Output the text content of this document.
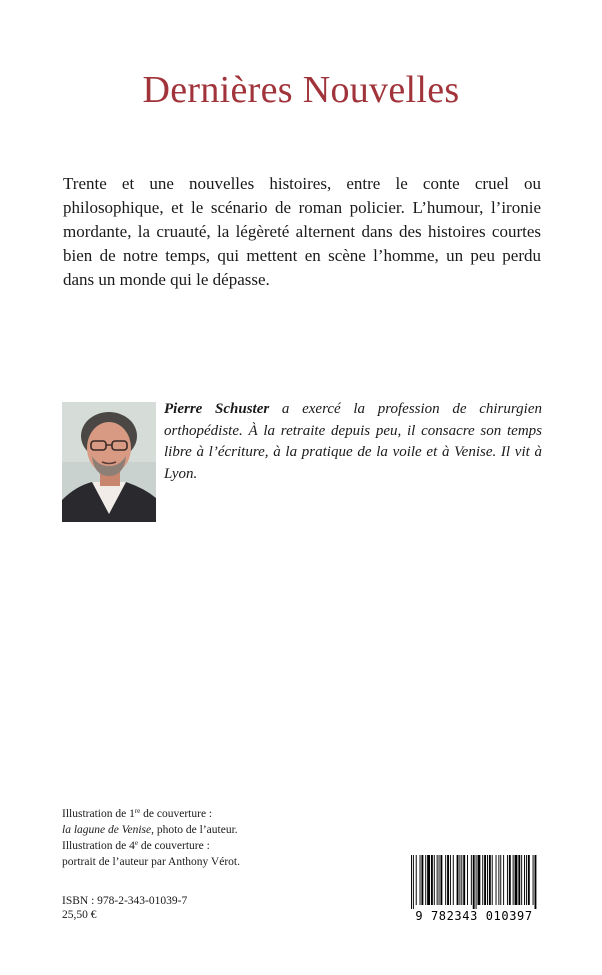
Dernières Nouvelles

Trente et une nouvelles histoires, entre le conte cruel ou philosophique, et le scénario de roman policier. L’humour, l’ironie mordante, la cruauté, la légèreté alternent dans des histoires courtes bien de notre temps, qui mettent en scène l’homme, un peu perdu dans un monde qui le dépasse.

Pierre Schuster a exercé la profession de chirurgien orthopédiste. À la retraite depuis peu, il consacre son temps libre à l’écriture, à la pratique de la voile et à Venise. Il vit à Lyon.

Illustration de 1re de couverture :
la lagune de Venise, photo de l’auteur.
Illustration de 4e de couverture :
portrait de l’auteur par Anthony Vérot.
ISBN : 978-2-343-01039-7
25,50 €	9 782343 010397
